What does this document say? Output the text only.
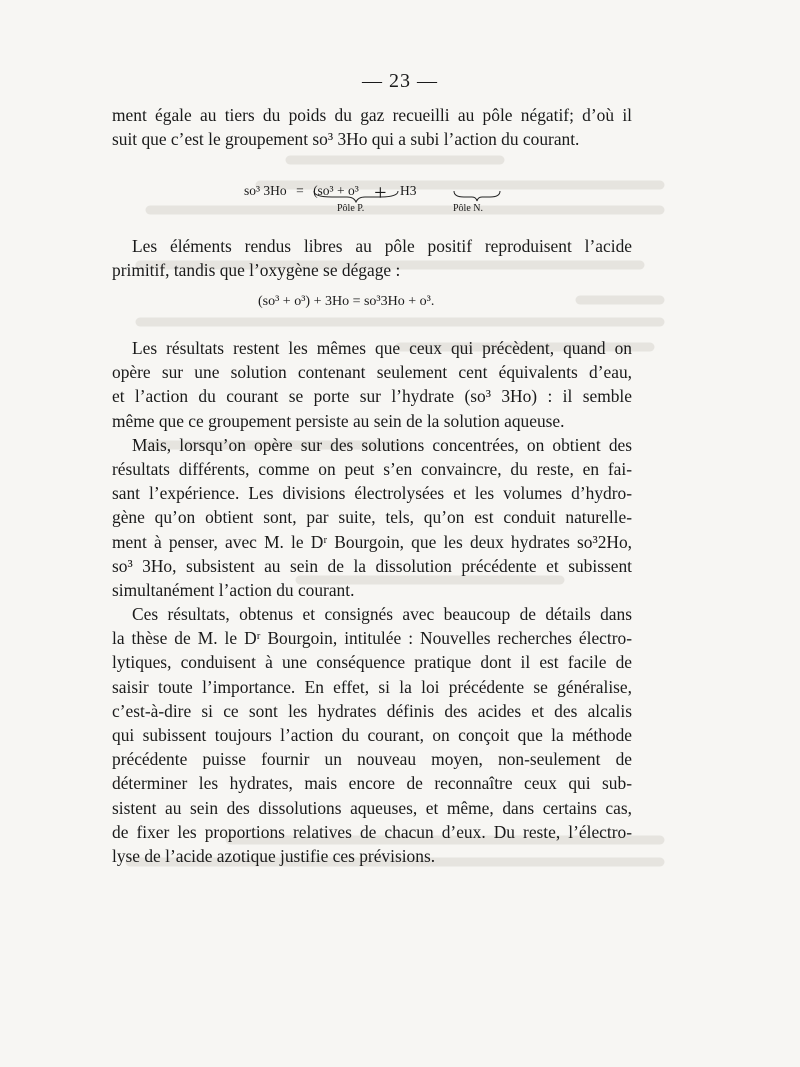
— 23 —
ment égale au tiers du poids du gaz recueilli au pôle négatif; d’où il
suit que c’est le groupement so³ 3Ho qui a subi l’action du courant.
so³ 3Ho = (so³ + o³ + H3
Pôle P.	Pôle N.
Les éléments rendus libres au pôle positif reproduisent l’acide
primitif, tandis que l’oxygène se dégage :
(so³ + o³) + 3Ho = so³3Ho + o³.
Les résultats restent les mêmes que ceux qui précèdent, quand on
opère sur une solution contenant seulement cent équivalents d’eau,
et l’action du courant se porte sur l’hydrate (so³ 3Ho) : il semble
même que ce groupement persiste au sein de la solution aqueuse.
Mais, lorsqu’on opère sur des solutions concentrées, on obtient des
résultats différents, comme on peut s’en convaincre, du reste, en fai-
sant l’expérience. Les divisions électrolysées et les volumes d’hydro-
gène qu’on obtient sont, par suite, tels, qu’on est conduit naturelle-
ment à penser, avec M. le Dʳ Bourgoin, que les deux hydrates so³2Ho,
so³ 3Ho, subsistent au sein de la dissolution précédente et subissent
simultanément l’action du courant.
Ces résultats, obtenus et consignés avec beaucoup de détails dans
la thèse de M. le Dʳ Bourgoin, intitulée : Nouvelles recherches électro-
lytiques, conduisent à une conséquence pratique dont il est facile de
saisir toute l’importance. En effet, si la loi précédente se généralise,
c’est-à-dire si ce sont les hydrates définis des acides et des alcalis
qui subissent toujours l’action du courant, on conçoit que la méthode
précédente puisse fournir un nouveau moyen, non-seulement de
déterminer les hydrates, mais encore de reconnaître ceux qui sub-
sistent au sein des dissolutions aqueuses, et même, dans certains cas,
de fixer les proportions relatives de chacun d’eux. Du reste, l’électro-
lyse de l’acide azotique justifie ces prévisions.
